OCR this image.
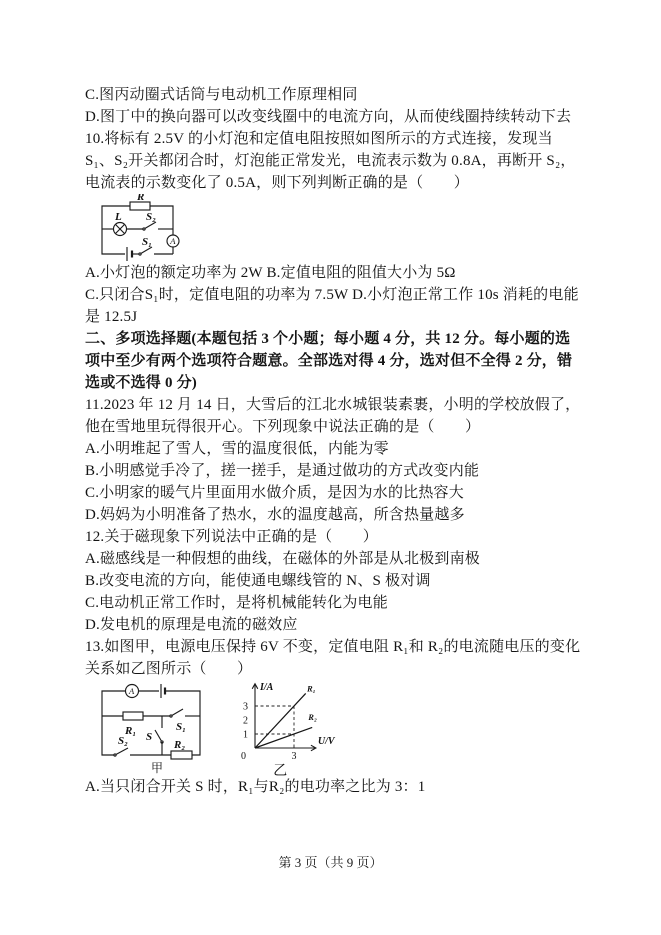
C.图丙动圈式话筒与电动机工作原理相同

D.图丁中的换向器可以改变线圈中的电流方向，从而使线圈持续转动下去

10.将标有 2.5V 的小灯泡和定值电阻按照如图所示的方式连接，发现当 S₁、S₂开关都闭合时，灯泡能正常发光，电流表示数为 0.8A，再断开 S₂，电流表的示数变化了 0.5A，则下列判断正确的是（　　）

R
L S₂
A
S₁

A.小灯泡的额定功率为 2W B.定值电阻的阻值大小为 5Ω

C.只闭合S₁时，定值电阻的功率为 7.5W D.小灯泡正常工作 10s 消耗的电能是 12.5J

二、多项选择题(本题包括 3 个小题；每小题 4 分，共 12 分。每小题的选项中至少有两个选项符合题意。全部选对得 4 分，选对但不全得 2 分，错选或不选得 0 分)

11.2023 年 12 月 14 日，大雪后的江北水城银装素裹，小明的学校放假了，他在雪地里玩得很开心。下列现象中说法正确的是（　　）

A.小明堆起了雪人，雪的温度很低，内能为零

B.小明感觉手冷了，搓一搓手，是通过做功的方式改变内能

C.小明家的暖气片里面用水做介质，是因为水的比热容大

D.妈妈为小明准备了热水，水的温度越高，所含热量越多

12.关于磁现象下列说法中正确的是（　　）

A.磁感线是一种假想的曲线，在磁体的外部是从北极到南极

B.改变电流的方向，能使通电螺线管的 N、S 极对调

C.电动机正常工作时，是将机械能转化为电能

D.发电机的原理是电流的磁效应

13.如图甲，电源电压保持 6V 不变，定值电阻 R₁和 R₂的电流随电压的变化关系如乙图所示（　　）

A
R₁	S₁
S
S₂	R₂
甲
R₁
R₂
1
2
3
3
0
I/A
U/V
乙

A.当只闭合开关 S 时，R₁与R₂的电功率之比为 3：1

第 3 页（共 9 页）
